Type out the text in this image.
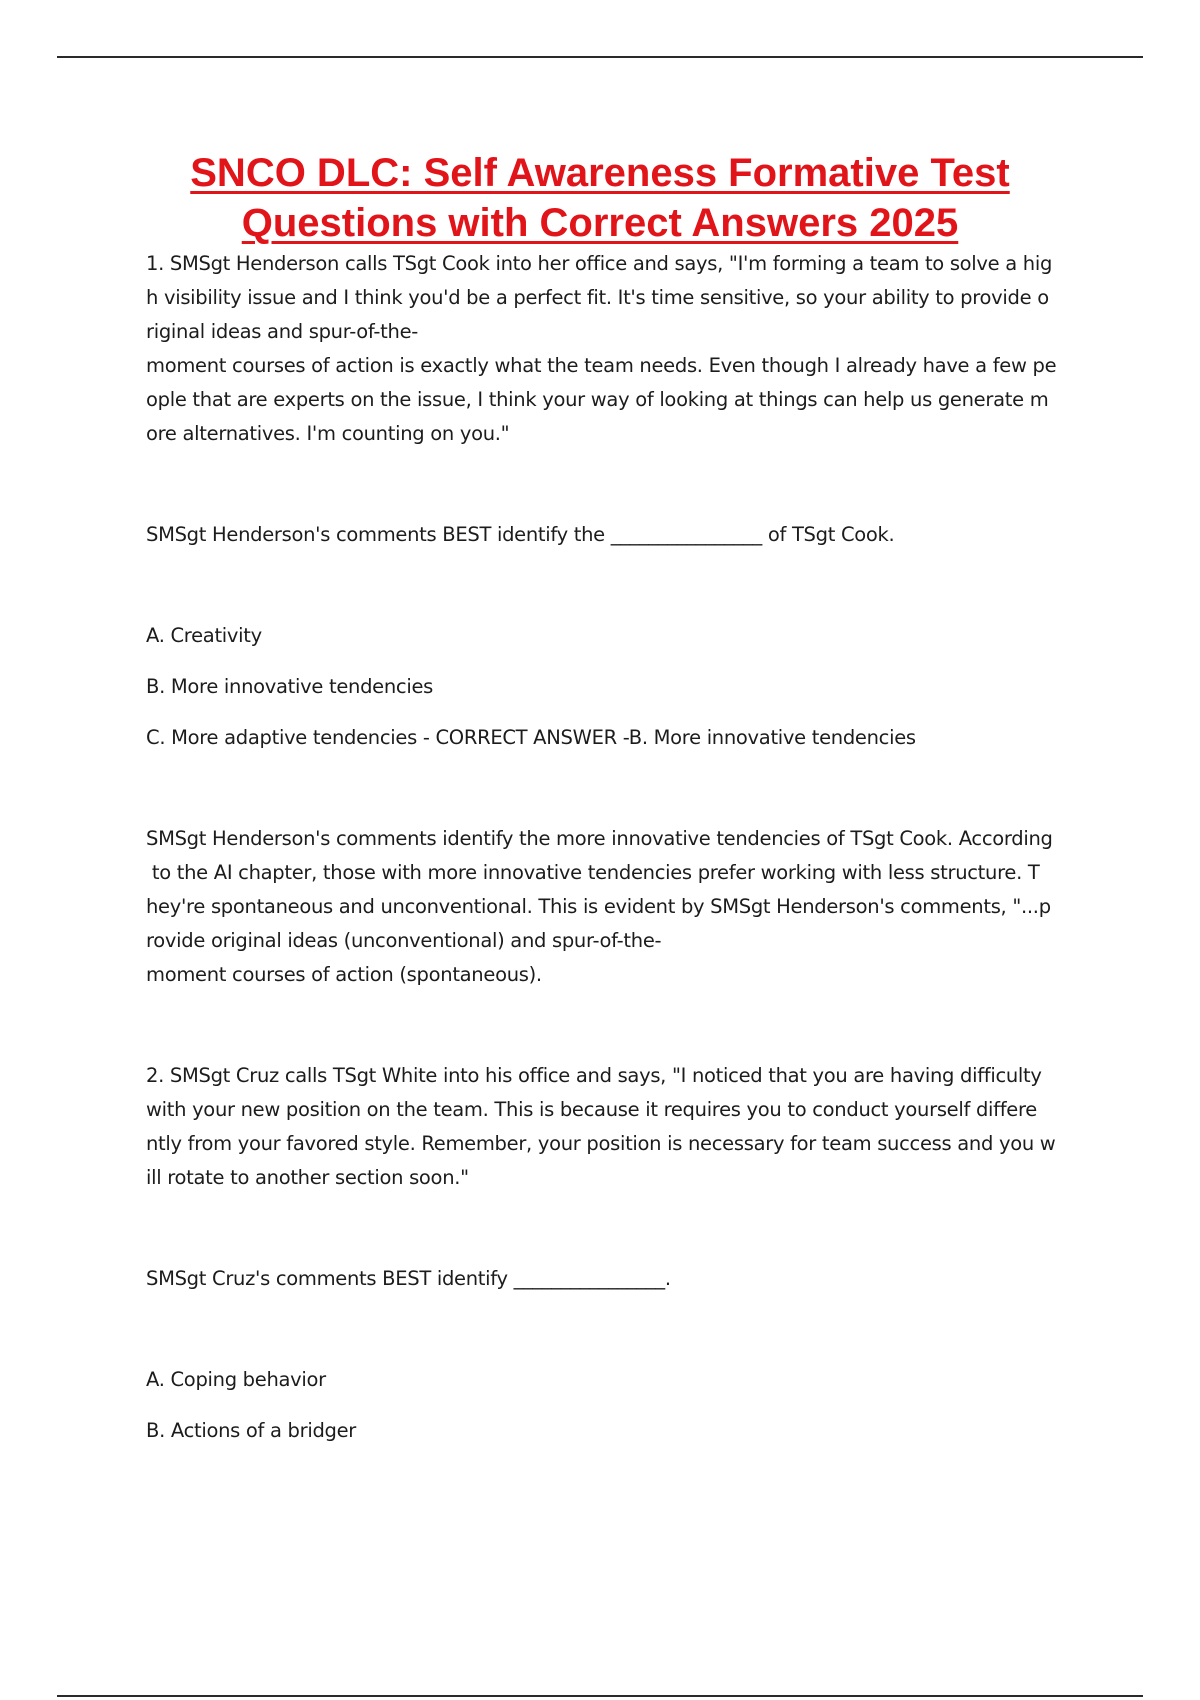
SNCO DLC: Self Awareness Formative Test
Questions with Correct Answers 2025

1. SMSgt Henderson calls TSgt Cook into her office and says, "I'm forming a team to solve a hig

h visibility issue and I think you'd be a perfect fit. It's time sensitive, so your ability to provide o

riginal ideas and spur-of-the-

moment courses of action is exactly what the team needs. Even though I already have a few pe

ople that are experts on the issue, I think your way of looking at things can help us generate m

ore alternatives. I'm counting on you."

SMSgt Henderson's comments BEST identify the ________________ of TSgt Cook.

A. Creativity

B. More innovative tendencies

C. More adaptive tendencies - CORRECT ANSWER -B. More innovative tendencies

SMSgt Henderson's comments identify the more innovative tendencies of TSgt Cook. According

to the AI chapter, those with more innovative tendencies prefer working with less structure. T

hey're spontaneous and unconventional. This is evident by SMSgt Henderson's comments, "...p

rovide original ideas (unconventional) and spur-of-the-

moment courses of action (spontaneous).

2. SMSgt Cruz calls TSgt White into his office and says, "I noticed that you are having difficulty

with your new position on the team. This is because it requires you to conduct yourself differe

ntly from your favored style. Remember, your position is necessary for team success and you w

ill rotate to another section soon."

SMSgt Cruz's comments BEST identify ________________.

A. Coping behavior

B. Actions of a bridger
